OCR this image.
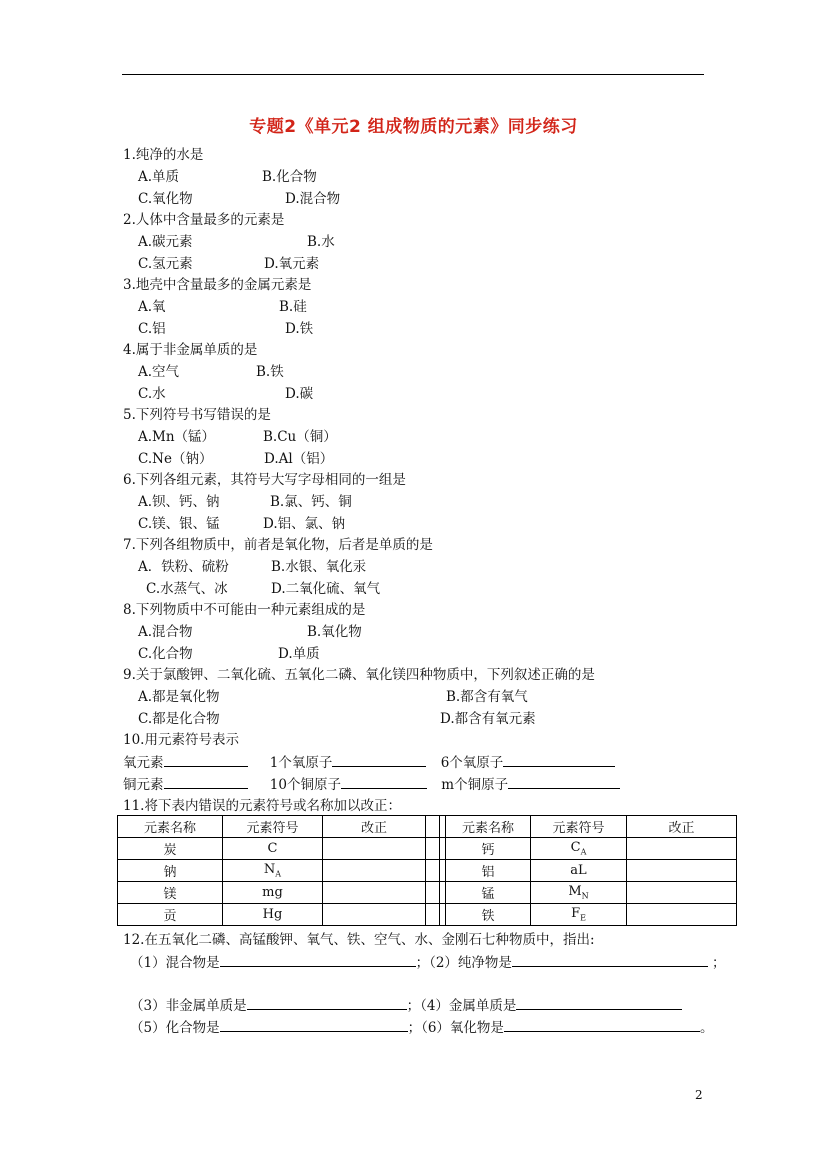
专题2《单元2 组成物质的元素》同步练习
1.纯净的水是
A.单质	B.化合物
C.氧化物	D.混合物
2.人体中含量最多的元素是
A.碳元素	B.水
C.氢元素	D.氧元素
3.地壳中含量最多的金属元素是
A.氧	B.硅
C.铝	D.铁
4.属于非金属单质的是
A.空气	B.铁
C.水	D.碳
5.下列符号书写错误的是
A.Mn（锰）	B.Cu（铜）
C.Ne（钠）	D.Al（铝）
6.下列各组元素，其符号大写字母相同的一组是
A.钡、钙、钠	B.氯、钙、铜
C.镁、银、锰	D.铝、氯、钠
7.下列各组物质中，前者是氧化物，后者是单质的是
A．铁粉、硫粉	B.水银、氧化汞
C.水蒸气、冰	D.二氧化硫、氧气
8.下列物质中不可能由一种元素组成的是
A.混合物	B.氧化物
C.化合物	D.单质
9.关于氯酸钾、二氧化硫、五氧化二磷、氧化镁四种物质中，下列叙述正确的是
A.都是氧化物	B.都含有氧气
C.都是化合物	D.都含有氧元素
10.用元素符号表示
氧元素	1个氧原子	6个氧原子
铜元素	10个铜原子	m个铜原子
11.将下表内错误的元素符号或名称加以改正：
元素名称	元素符号	改正			元素名称	元素符号	改正
炭	C				钙	$C_A$	
钠	$N_A$				铝	aL	
镁	mg				锰	$M_N$	
贡	Hg				铁	$F_E$	
12.在五氧化二磷、高锰酸钾、氧气、铁、空气、水、金刚石七种物质中，指出:
（1）混合物是	；（2）纯净物是	；
（3）非金属单质是	；（4）金属单质是
（5）化合物是	；（6）氧化物是	。
2
